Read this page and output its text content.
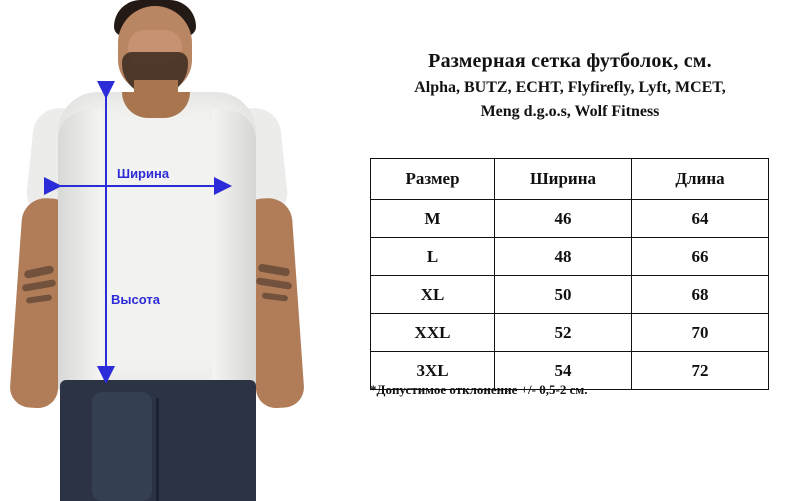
Ширина
Высота
Размерная сетка футболок, см.
Alpha, BUTZ, ECHT, Flyfirefly, Lyft, MCET,
Meng d.g.o.s, Wolf Fitness
Размер	Ширина	Длина
M	46	64
L	48	66
XL	50	68
XXL	52	70
3XL	54	72
*Допустимое отклонение +/- 0,5-2 см.
